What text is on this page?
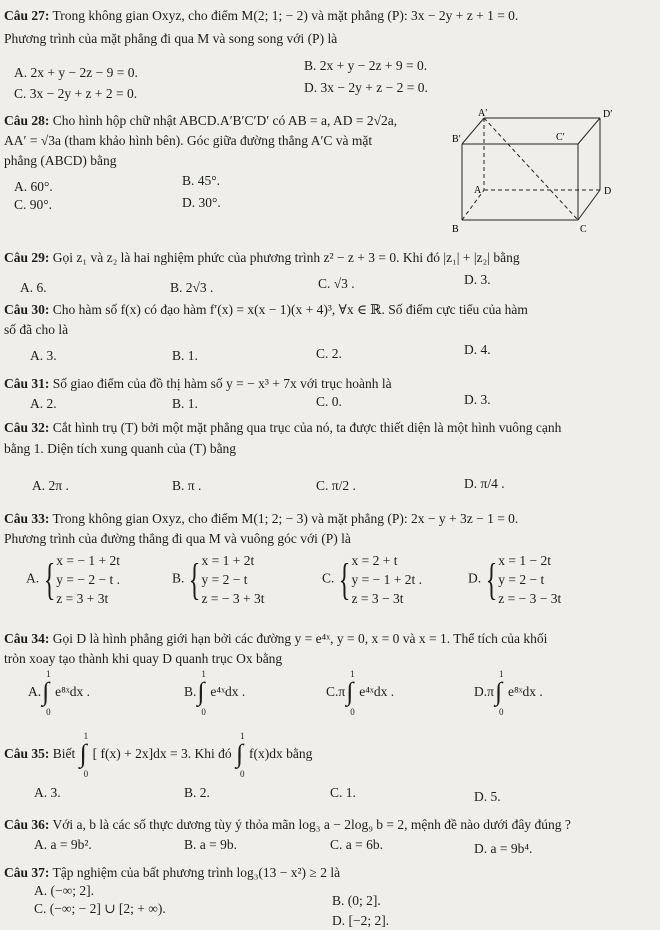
Câu 27: Trong không gian Oxyz, cho điểm M(2; 1; − 2) và mặt phẳng (P): 3x − 2y + z + 1 = 0.
Phương trình của mặt phẳng đi qua M và song song với (P) là
A. 2x + y − 2z − 9 = 0.	B. 2x + y − 2z + 9 = 0.
C. 3x − 2y + z + 2 = 0.	D. 3x − 2y + z − 2 = 0.
Câu 28: Cho hình hộp chữ nhật ABCD.A′B′C′D′ có AB = a, AD = 2√2a,
AA′ = √3a (tham khảo hình bên). Góc giữa đường thẳng A′C và mặt
phẳng (ABCD) bằng
A. 60°.	B. 45°.
C. 90°.	D. 30°.
A′	D′
B′	C′
A	D
B	C
Câu 29: Gọi z₁ và z₂ là hai nghiệm phức của phương trình z² − z + 3 = 0. Khi đó |z₁| + |z₂| bằng
A. 6.	B. 2√3 .	C. √3 .	D. 3.
Câu 30: Cho hàm số f(x) có đạo hàm f′(x) = x(x − 1)(x + 4)³, ∀x ∈ ℝ. Số điểm cực tiểu của hàm
số đã cho là
A. 3.	B. 1.	C. 2.	D. 4.
Câu 31: Số giao điểm của đồ thị hàm số y = − x³ + 7x với trục hoành là
A. 2.	B. 1.	C. 0.	D. 3.
Câu 32: Cắt hình trụ (T) bởi một mặt phẳng qua trục của nó, ta được thiết diện là một hình vuông cạnh
bằng 1. Diện tích xung quanh của (T) bằng
A. 2π .	B. π .	C. π/2 .	D. π/4 .
Câu 33: Trong không gian Oxyz, cho điểm M(1; 2; − 3) và mặt phẳng (P): 2x − y + 3z − 1 = 0.
Phương trình của đường thẳng đi qua M và vuông góc với (P) là
A. {x = − 1 + 2t
y = − 2 − t .
z = 3 + 3t
B. {x = 1 + 2t
y = 2 − t
z = − 3 + 3t
C. {x = 2 + t
y = − 1 + 2t .
z = 3 − 3t
D. {x = 1 − 2t
y = 2 − t
z = − 3 − 3t
Câu 34: Gọi D là hình phẳng giới hạn bởi các đường y = e⁴ˣ, y = 0, x = 0 và x = 1. Thể tích của khối
tròn xoay tạo thành khi quay D quanh trục Ox bằng
A.
1
∫
0
e⁸ˣdx .	B.
1
∫
0
e⁴ˣdx .	C.π
1
∫
0
e⁴ˣdx .	D.π
1
∫
0
e⁸ˣdx .
Câu 35: Biết
1
∫
0
[ f(x) + 2x]dx = 3. Khi đó
1
∫
0
f(x)dx bằng
A. 3.	B. 2.	C. 1.	D. 5.
Câu 36: Với a, b là các số thực dương tùy ý thỏa mãn log₃ a − 2log₉ b = 2, mệnh đề nào dưới đây đúng ?
A. a = 9b².	B. a = 9b.	C. a = 6b.	D. a = 9b⁴.
Câu 37: Tập nghiệm của bất phương trình log₃(13 − x²) ≥ 2 là
A. (−∞; 2].
B. (0; 2].
C. (−∞; − 2] ∪ [2; + ∞).
D. [−2; 2].
